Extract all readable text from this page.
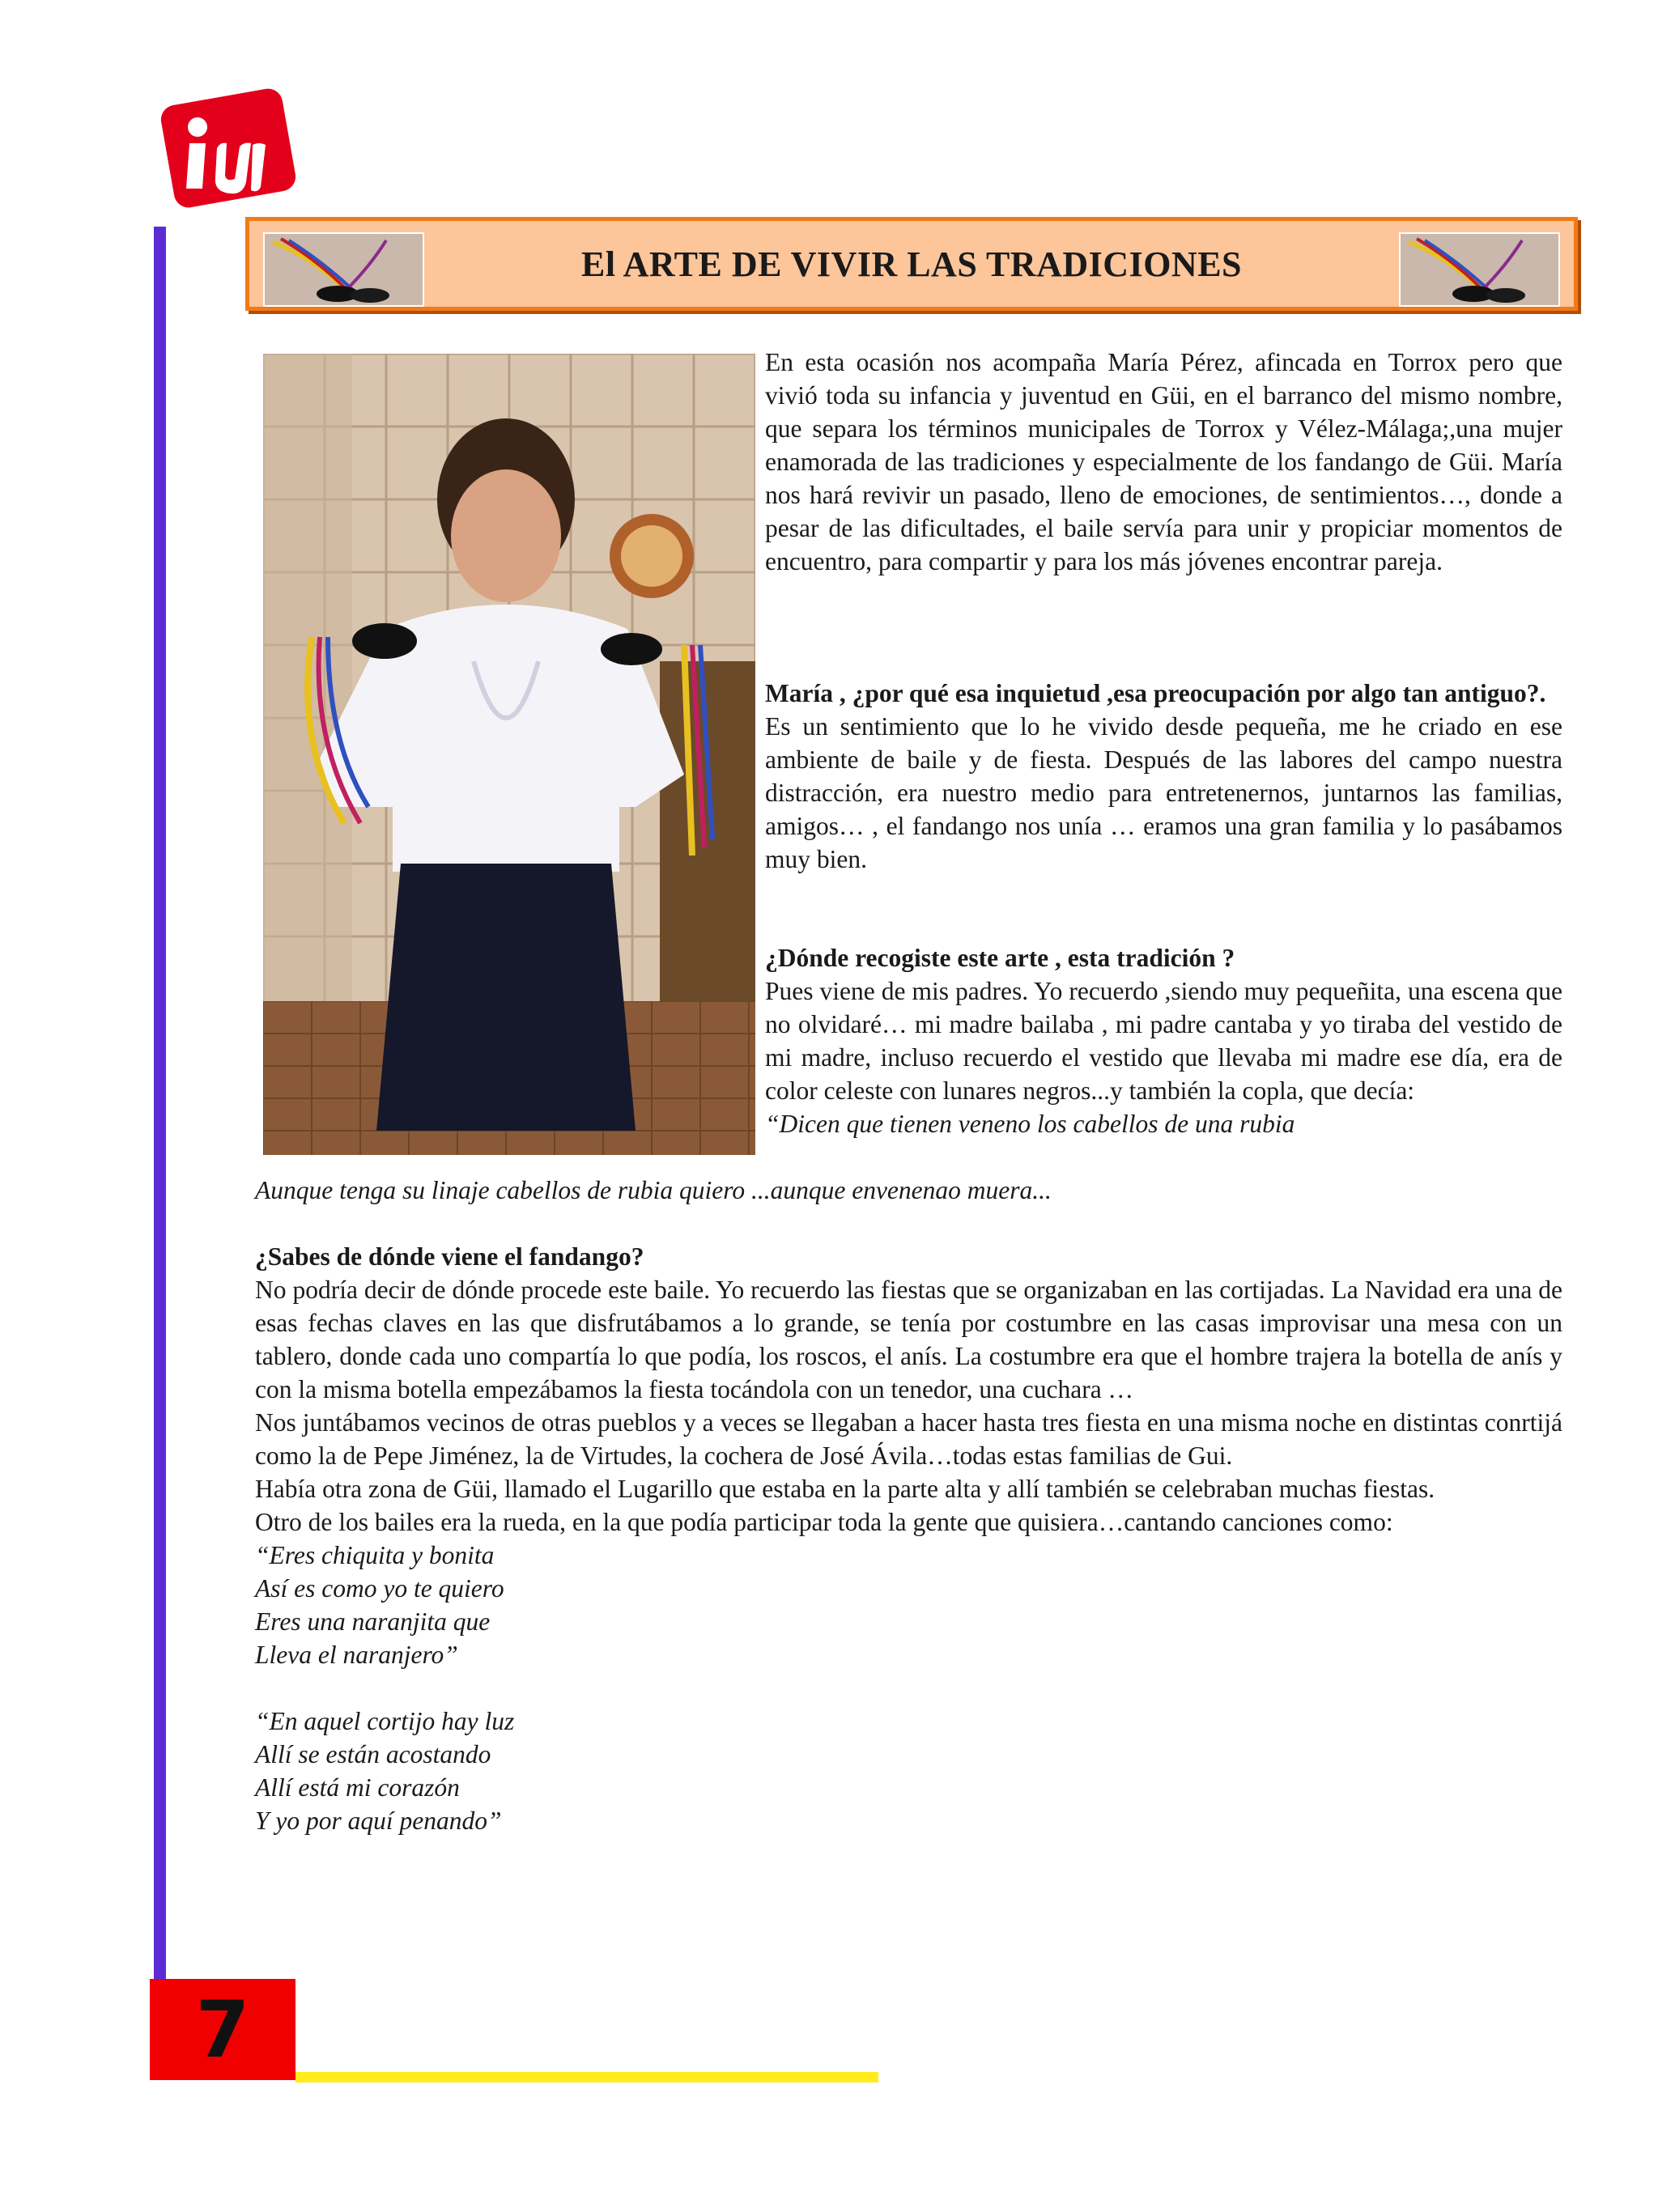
El ARTE DE VIVIR LAS TRADICIONES

En esta ocasión nos acompaña María Pérez, afincada en Torrox pero que vivió toda su infancia y juventud en Güi, en el barranco del mismo nombre, que separa los términos municipales de Torrox y Vélez-Málaga;,una mujer enamorada de las tradiciones y especialmente de los fandango de Güi. María nos hará revivir un pasado, lleno de emociones, de sentimientos…, donde a pesar de las dificultades, el baile servía para unir y propiciar momentos de encuentro, para compartir y para los más jóvenes encontrar pareja.

María , ¿por qué esa inquietud ,esa preocupación por algo tan antiguo?.

Es un sentimiento que lo he vivido desde pequeña, me he criado en ese ambiente de baile y de fiesta. Después de las labores del campo nuestra distracción, era nuestro medio para entretenernos, juntarnos las familias, amigos… , el fandango nos unía … eramos una gran familia y lo pasábamos muy bien.

¿Dónde recogiste este arte , esta tradición ?

Pues viene de mis padres. Yo recuerdo ,siendo muy pequeñita, una escena que no olvidaré… mi madre bailaba , mi padre cantaba y yo tiraba del vestido de mi madre, incluso recuerdo el vestido que llevaba mi madre ese día, era de color celeste con lunares negros...y también la copla, que decía:

“Dicen que tienen veneno los cabellos de una rubia

Aunque tenga su linaje cabellos de rubia quiero ...aunque envenenao muera...

¿Sabes de dónde viene el fandango?

No podría decir de dónde procede este baile. Yo recuerdo las fiestas que se organizaban en las cortijadas. La Navidad era una de esas fechas claves en las que disfrutábamos a lo grande, se tenía por costumbre en las casas improvisar una mesa con un tablero, donde cada uno compartía lo que podía, los roscos, el anís. La costumbre era que el hombre trajera la botella de anís y con la misma botella empezábamos la fiesta tocándola con un tenedor, una cuchara …

Nos juntábamos vecinos de otras pueblos y a veces se llegaban a hacer hasta tres fiesta en una misma noche en distintas conrtijá como la de Pepe Jiménez, la de Virtudes, la cochera de José Ávila…todas estas familias de Gui.

Había otra zona de Güi, llamado el Lugarillo que estaba en la parte alta y allí también se celebraban muchas fiestas.

Otro de los bailes era la rueda, en la que podía participar toda la gente que quisiera…cantando canciones como:

“Eres chiquita y bonita
Así es como yo te quiero
Eres una naranjita que
Lleva el naranjero”
“En aquel cortijo hay luz
Allí se están acostando
Allí está mi corazón
Y yo por aquí penando”
7
